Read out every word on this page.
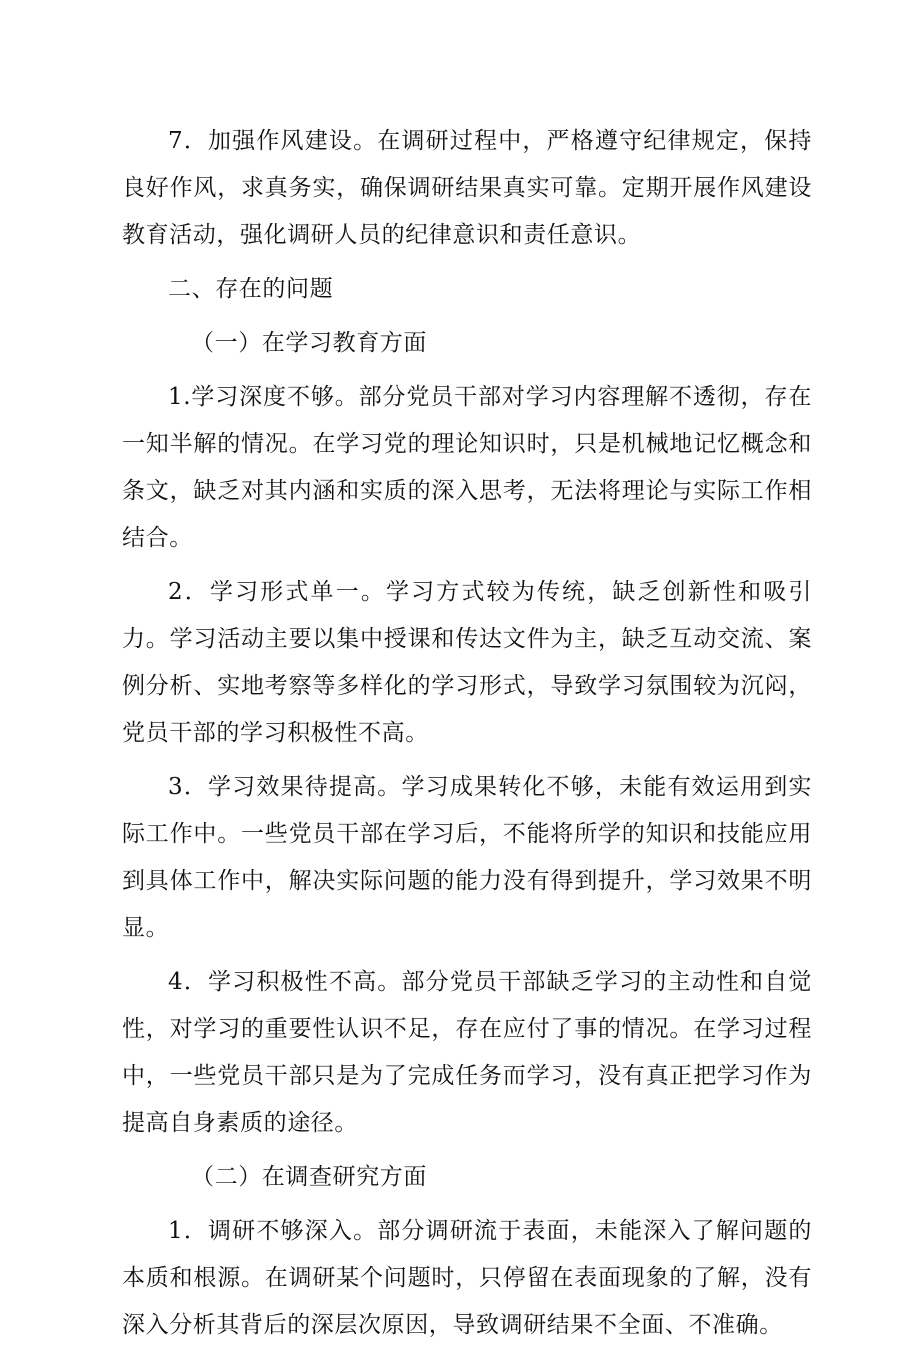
7．加强作风建设。在调研过程中，严格遵守纪律规定，保持良好作风，求真务实，确保调研结果真实可靠。定期开展作风建设教育活动，强化调研人员的纪律意识和责任意识。

二、存在的问题

（一）在学习教育方面

1.学习深度不够。部分党员干部对学习内容理解不透彻，存在一知半解的情况。在学习党的理论知识时，只是机械地记忆概念和条文，缺乏对其内涵和实质的深入思考，无法将理论与实际工作相结合。

2．学习形式单一。学习方式较为传统，缺乏创新性和吸引力。学习活动主要以集中授课和传达文件为主，缺乏互动交流、案例分析、实地考察等多样化的学习形式，导致学习氛围较为沉闷，党员干部的学习积极性不高。

3．学习效果待提高。学习成果转化不够，未能有效运用到实际工作中。一些党员干部在学习后，不能将所学的知识和技能应用到具体工作中，解决实际问题的能力没有得到提升，学习效果不明显。

4．学习积极性不高。部分党员干部缺乏学习的主动性和自觉性，对学习的重要性认识不足，存在应付了事的情况。在学习过程中，一些党员干部只是为了完成任务而学习，没有真正把学习作为提高自身素质的途径。

（二）在调查研究方面

1．调研不够深入。部分调研流于表面，未能深入了解问题的本质和根源。在调研某个问题时，只停留在表面现象的了解，没有深入分析其背后的深层次原因，导致调研结果不全面、不准确。
